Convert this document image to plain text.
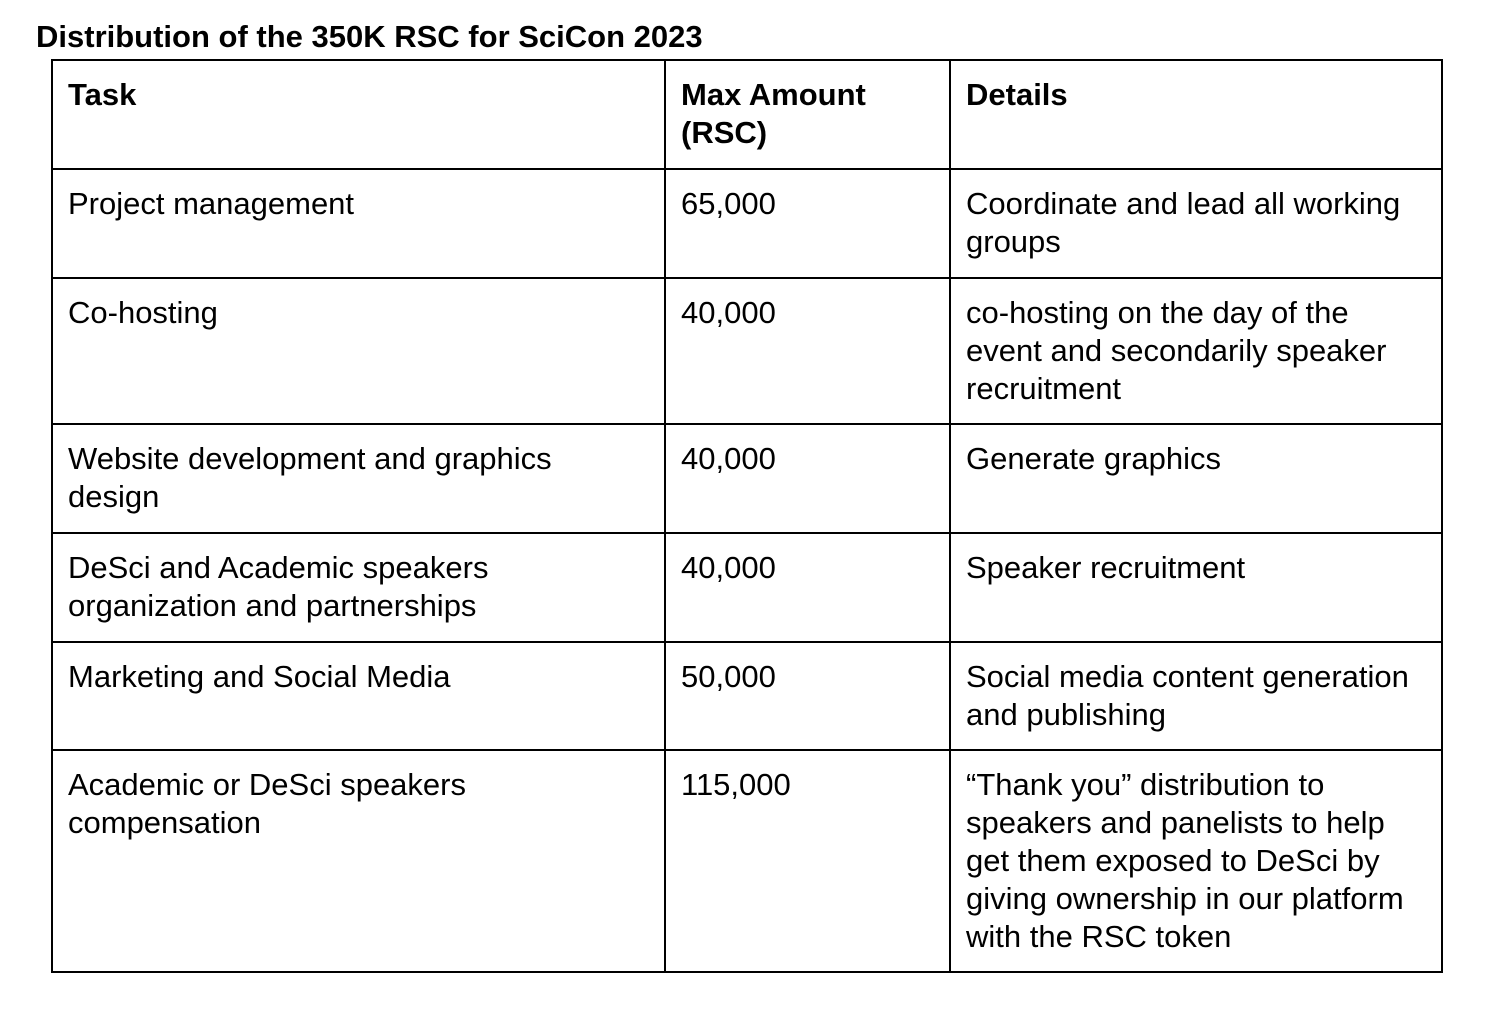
Distribution of the 350K RSC for SciCon 2023
Task	Max Amount (RSC)	Details
Project management	65,000	Coordinate and lead all working groups
Co-hosting	40,000	co-hosting on the day of the event and secondarily speaker recruitment
Website development and graphics design	40,000	Generate graphics
DeSci and Academic speakers organization and partnerships	40,000	Speaker recruitment
Marketing and Social Media	50,000	Social media content generation and publishing
Academic or DeSci speakers compensation	115,000	“Thank you” distribution to speakers and panelists to help get them exposed to DeSci by giving ownership in our platform with the RSC token
